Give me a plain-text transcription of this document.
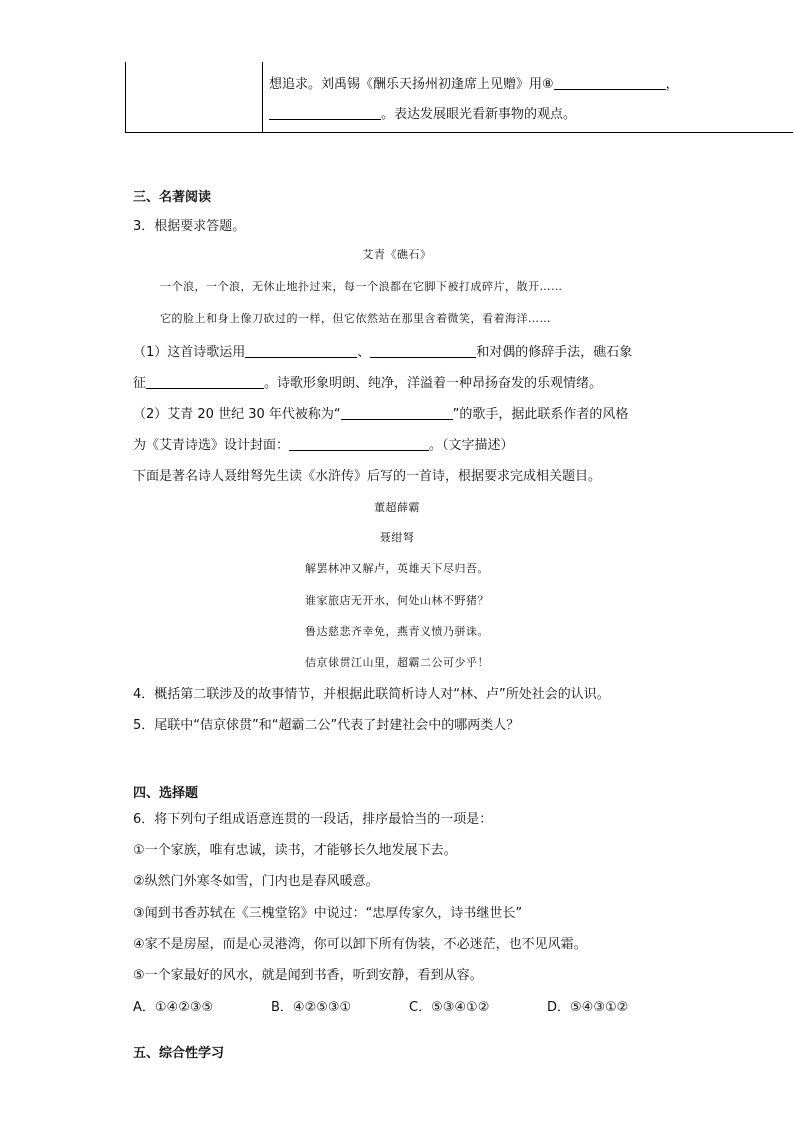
想追求。刘禹锡《酬乐天扬州初逢席上见赠》用⑧	，
。表达发展眼光看新事物的观点。
三、名著阅读
3．根据要求答题。
艾青《礁石》
一个浪，一个浪，无休止地扑过来，每一个浪都在它脚下被打成碎片，散开……
它的脸上和身上像刀砍过的一样，但它依然站在那里含着微笑，看着海洋……
（1）这首诗歌运用	、	和对偶的修辞手法，礁石象
征	。诗歌形象明朗、纯净，洋溢着一种昂扬奋发的乐观情绪。
（2）艾青 20 世纪 30 年代被称为“	”的歌手，据此联系作者的风格
为《艾青诗选》设计封面：	。（文字描述）
下面是著名诗人聂绀弩先生读《水浒传》后写的一首诗，根据要求完成相关题目。
董超薛霸
聂绀弩
解罢林冲又解卢，英雄天下尽归吾。
谁家旅店无开水，何处山林不野猪？
鲁达慈悲齐幸免，燕青义愤乃骈诛。
佶京俅贯江山里，超霸二公可少乎！
4．概括第二联涉及的故事情节，并根据此联简析诗人对“林、卢”所处社会的认识。
5．尾联中“佶京俅贯”和“超霸二公”代表了封建社会中的哪两类人？
四、选择题
6．将下列句子组成语意连贯的一段话，排序最恰当的一项是：
①一个家族，唯有忠诚，读书，才能够长久地发展下去。
②纵然门外寒冬如雪，门内也是春风暖意。
③闻到书香苏轼在《三槐堂铭》中说过：“忠厚传家久，诗书继世长”
④家不是房屋，而是心灵港湾，你可以卸下所有伪装，不必迷茫，也不见风霜。
⑤一个家最好的风水，就是闻到书香，听到安静，看到从容。
A．①④②③⑤	B．④②⑤③①	C．⑤③④①②	D．⑤④③①②
五、综合性学习
